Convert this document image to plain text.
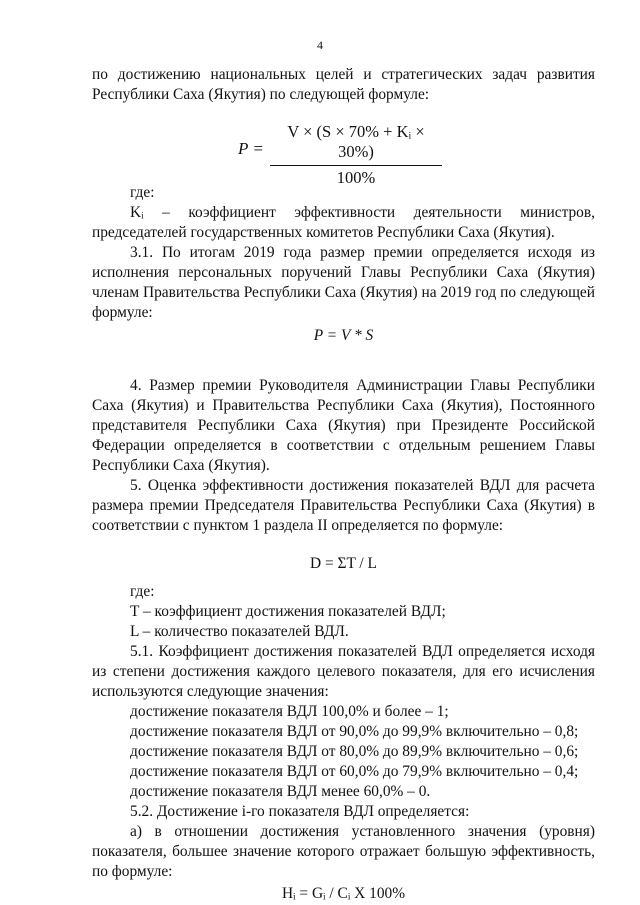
4
по достижению национальных целей и стратегических задач развития
Республики Саха (Якутия) по следующей формуле:
P =
V × (S × 70% + Kᵢ × 30%)
100%
где:
Kᵢ – коэффициент эффективности деятельности министров,
председателей государственных комитетов Республики Саха (Якутия).

3.1. По итогам 2019 года размер премии определяется исходя из исполнения персональных поручений Главы Республики Саха (Якутия) членам Правительства Республики Саха (Якутия) на 2019 год по следующей формуле:

P = V * S

4. Размер премии Руководителя Администрации Главы Республики Саха (Якутия) и Правительства Республики Саха (Якутия), Постоянного представителя Республики Саха (Якутия) при Президенте Российской Федерации определяется в соответствии с отдельным решением Главы Республики Саха (Якутия).

5. Оценка эффективности достижения показателей ВДЛ для расчета размера премии Председателя Правительства Республики Саха (Якутия) в соответствии с пунктом 1 раздела II определяется по формуле:

D = ΣT / L
где:
T – коэффициент достижения показателей ВДЛ;
L – количество показателей ВДЛ.

5.1. Коэффициент достижения показателей ВДЛ определяется исходя из степени достижения каждого целевого показателя, для его исчисления используются следующие значения:

достижение показателя ВДЛ 100,0% и более – 1;
достижение показателя ВДЛ от 90,0% до 99,9% включительно – 0,8;
достижение показателя ВДЛ от 80,0% до 89,9% включительно – 0,6;
достижение показателя ВДЛ от 60,0% до 79,9% включительно – 0,4;
достижение показателя ВДЛ менее 60,0% – 0.
5.2. Достижение i-го показателя ВДЛ определяется:

а) в отношении достижения установленного значения (уровня) показателя, большее значение которого отражает большую эффективность, по формуле:

Hᵢ = Gᵢ / Cᵢ X 100%
